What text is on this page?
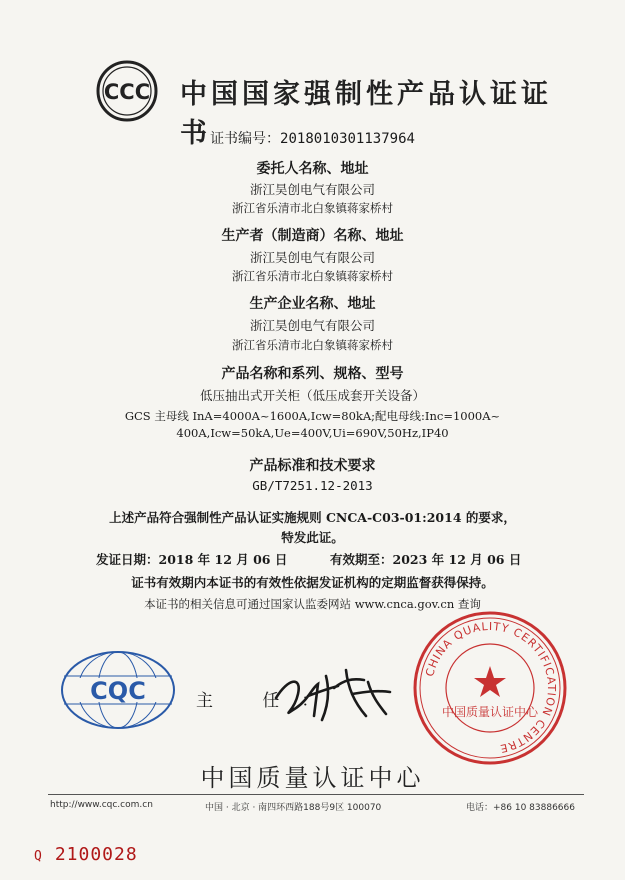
CCC 中国国家强制性产品认证证书 证书编号：2018010301137964
委托人名称、地址
浙江昊创电气有限公司
浙江省乐清市北白象镇蒋家桥村
生产者（制造商）名称、地址
浙江昊创电气有限公司
浙江省乐清市北白象镇蒋家桥村
生产企业名称、地址
浙江昊创电气有限公司
浙江省乐清市北白象镇蒋家桥村
产品名称和系列、规格、型号
低压抽出式开关柜（低压成套开关设备）
GCS 主母线 InA=4000A~1600A,Icw=80kA;配电母线:Inc=1000A~
400A,Icw=50kA,Ue=400V,Ui=690V,50Hz,IP40
产品标准和技术要求
GB/T7251.12-2013
上述产品符合强制性产品认证实施规则 CNCA-C03-01:2014 的要求，
特发此证。
发证日期：2018 年 12 月 06 日	有效期至：2023 年 12 月 06 日
证书有效期内本证书的有效性依据发证机构的定期监督获得保持。
本证书的相关信息可通过国家认监委网站 www.cnca.gov.cn 查询
CQC	主 任：
CHINA QUALITY CERTIFICATION CENTRE
中国质量认证中心
中国质量认证中心
http://www.cqc.com.cn	中国 · 北京 · 南四环西路188号9区 100070	电话：+86 10 83886666
Q 2100028
